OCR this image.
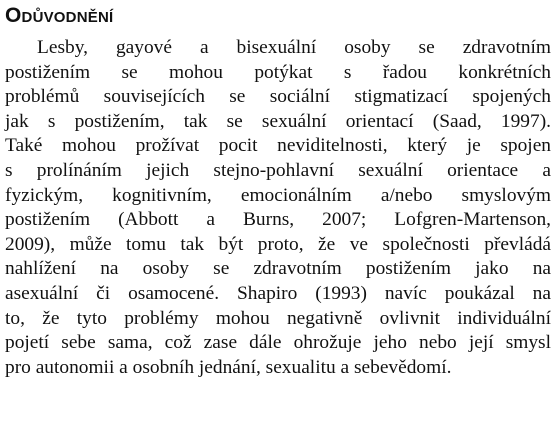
Odůvodnění
Lesby, gayové a bisexuální osoby se zdravotním
postižením se mohou potýkat s řadou konkrétních
problémů souvisejících se sociální stigmatizací spojených
jak s postižením, tak se sexuální orientací (Saad, 1997).
Také mohou prožívat pocit neviditelnosti, který je spojen
s prolínáním jejich stejno-pohlavní sexuální orientace a
fyzickým, kognitivním, emocionálním a/nebo smyslovým
postižením (Abbott a Burns, 2007; Lofgren-Martenson,
2009), může tomu tak být proto, že ve společnosti převládá
nahlížení na osoby se zdravotním postižením jako na
asexuální či osamocené. Shapiro (1993) navíc poukázal na
to, že tyto problémy mohou negativně ovlivnit individuální
pojetí sebe sama, což zase dále ohrožuje jeho nebo její smysl
pro autonomii a osobníh jednání, sexualitu a sebevědomí.
